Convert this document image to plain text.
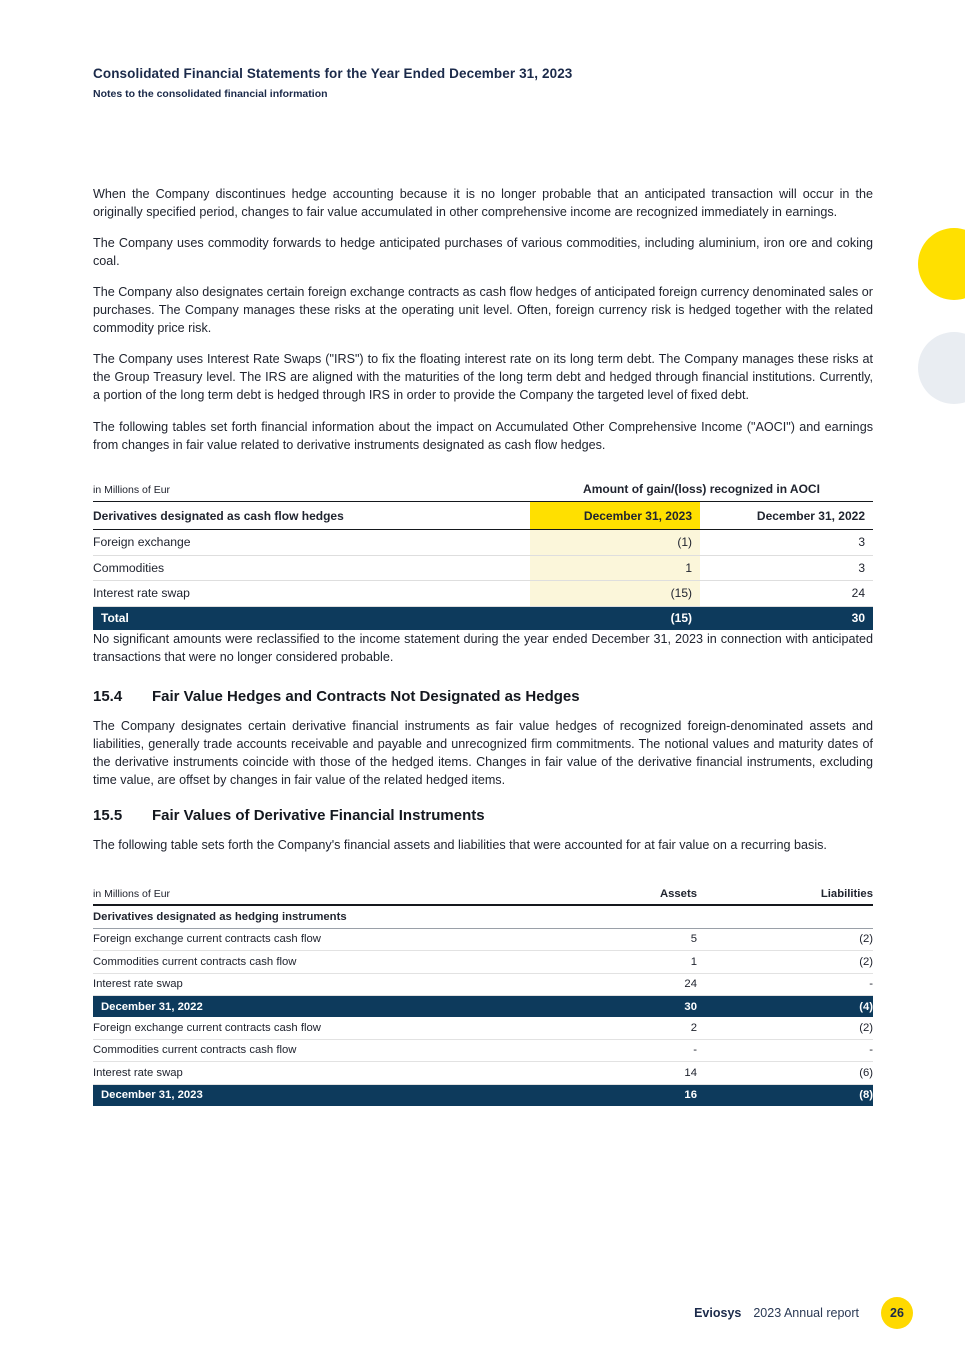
Consolidated Financial Statements for the Year Ended December 31, 2023
Notes to the consolidated financial information

When the Company discontinues hedge accounting because it is no longer probable that an anticipated transaction will occur in the originally specified period, changes to fair value accumulated in other comprehensive income are recognized immediately in earnings.

The Company uses commodity forwards to hedge anticipated purchases of various commodities, including aluminium, iron ore and coking coal.

The Company also designates certain foreign exchange contracts as cash flow hedges of anticipated foreign currency denominated sales or purchases. The Company manages these risks at the operating unit level. Often, foreign currency risk is hedged together with the related commodity price risk.

The Company uses Interest Rate Swaps ("IRS") to fix the floating interest rate on its long term debt. The Company manages these risks at the Group Treasury level. The IRS are aligned with the maturities of the long term debt and hedged through financial institutions. Currently, a portion of the long term debt is hedged through IRS in order to provide the Company the targeted level of fixed debt.

The following tables set forth financial information about the impact on Accumulated Other Comprehensive Income ("AOCI") and earnings from changes in fair value related to derivative instruments designated as cash flow hedges.

in Millions of Eur	Amount of gain/(loss) recognized in AOCI
Derivatives designated as cash flow hedges	December 31, 2023	December 31, 2022
Foreign exchange	(1)	3
Commodities	1	3
Interest rate swap	(15)	24
Total	(15)	30

No significant amounts were reclassified to the income statement during the year ended December 31, 2023 in connection with anticipated transactions that were no longer considered probable.

15.4	Fair Value Hedges and Contracts Not Designated as Hedges

The Company designates certain derivative financial instruments as fair value hedges of recognized foreign-denominated assets and liabilities, generally trade accounts receivable and payable and unrecognized firm commitments. The notional values and maturity dates of the derivative instruments coincide with those of the hedged items. Changes in fair value of the derivative financial instruments, excluding time value, are offset by changes in fair value of the related hedged items.

15.5	Fair Values of Derivative Financial Instruments

The following table sets forth the Company's financial assets and liabilities that were accounted for at fair value on a recurring basis.

in Millions of Eur	Assets	Liabilities
Derivatives designated as hedging instruments
Foreign exchange current contracts cash flow	5	(2)
Commodities current contracts cash flow	1	(2)
Interest rate swap	24	-
December 31, 2022	30	(4)
Foreign exchange current contracts cash flow	2	(2)
Commodities current contracts cash flow	-	-
Interest rate swap	14	(6)
December 31, 2023	16	(8)
Eviosys 2023 Annual report	26
